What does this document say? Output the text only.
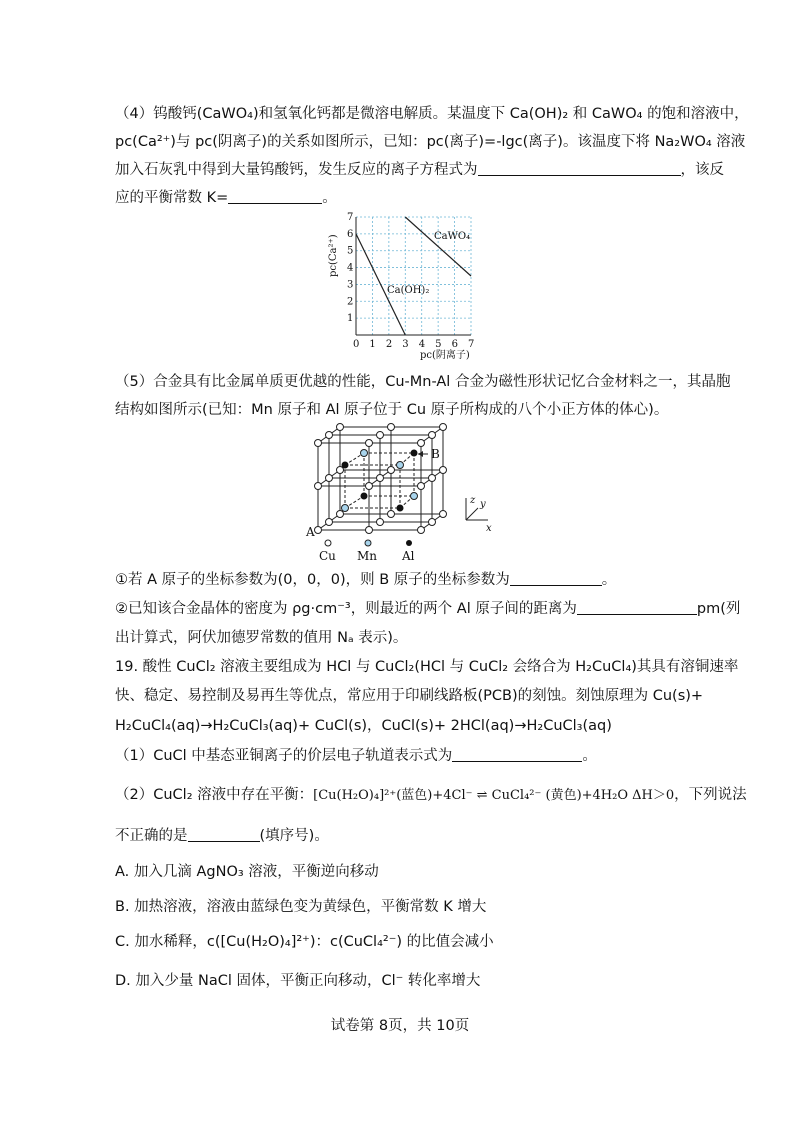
（4）钨酸钙(CaWO₄)和氢氧化钙都是微溶电解质。某温度下 Ca(OH)₂ 和 CaWO₄ 的饱和溶液中，
pc(Ca²⁺)与 pc(阴离子)的关系如图所示，已知：pc(离子)=-lgc(离子)。该温度下将 Na₂WO₄ 溶液
加入石灰乳中得到大量钨酸钙，发生反应的离子方程式为	，该反
应的平衡常数 K=	。
0 1 2 3 4 5 6 7
1
2
3
4
5
6
7
CaWO₄
Ca(OH)₂
pc(阴离子)
pc(Ca²⁺)
（5）合金具有比金属单质更优越的性能，Cu-Mn-Al 合金为磁性形状记忆合金材料之一，其晶胞
结构如图所示(已知：Mn 原子和 Al 原子位于 Cu 原子所构成的八个小正方体的体心)。
B
A
Cu Mn Al
z y
x
①若 A 原子的坐标参数为(0，0，0)，则 B 原子的坐标参数为	。
②已知该合金晶体的密度为 ρg·cm⁻³，则最近的两个 Al 原子间的距离为	pm(列
出计算式，阿伏加德罗常数的值用 Nₐ 表示)。
19. 酸性 CuCl₂ 溶液主要组成为 HCl 与 CuCl₂(HCl 与 CuCl₂ 会络合为 H₂CuCl₄)其具有溶铜速率
快、稳定、易控制及易再生等优点，常应用于印刷线路板(PCB)的刻蚀。刻蚀原理为 Cu(s)+
H₂CuCl₄(aq)→H₂CuCl₃(aq)+ CuCl(s)，CuCl(s)+ 2HCl(aq)→H₂CuCl₃(aq)
（1）CuCl 中基态亚铜离子的价层电子轨道表示式为	。
（2）CuCl₂ 溶液中存在平衡：[Cu(H₂O)₄]²⁺(蓝色)+4Cl⁻ ⇌ CuCl₄²⁻ (黄色)+4H₂O ΔH＞0，下列说法
不正确的是	(填序号)。
A. 加入几滴 AgNO₃ 溶液，平衡逆向移动
B. 加热溶液，溶液由蓝绿色变为黄绿色，平衡常数 K 增大
C. 加水稀释，c([Cu(H₂O)₄]²⁺)：c(CuCl₄²⁻) 的比值会减小
D. 加入少量 NaCl 固体，平衡正向移动，Cl⁻ 转化率增大
试卷第 8页，共 10页
